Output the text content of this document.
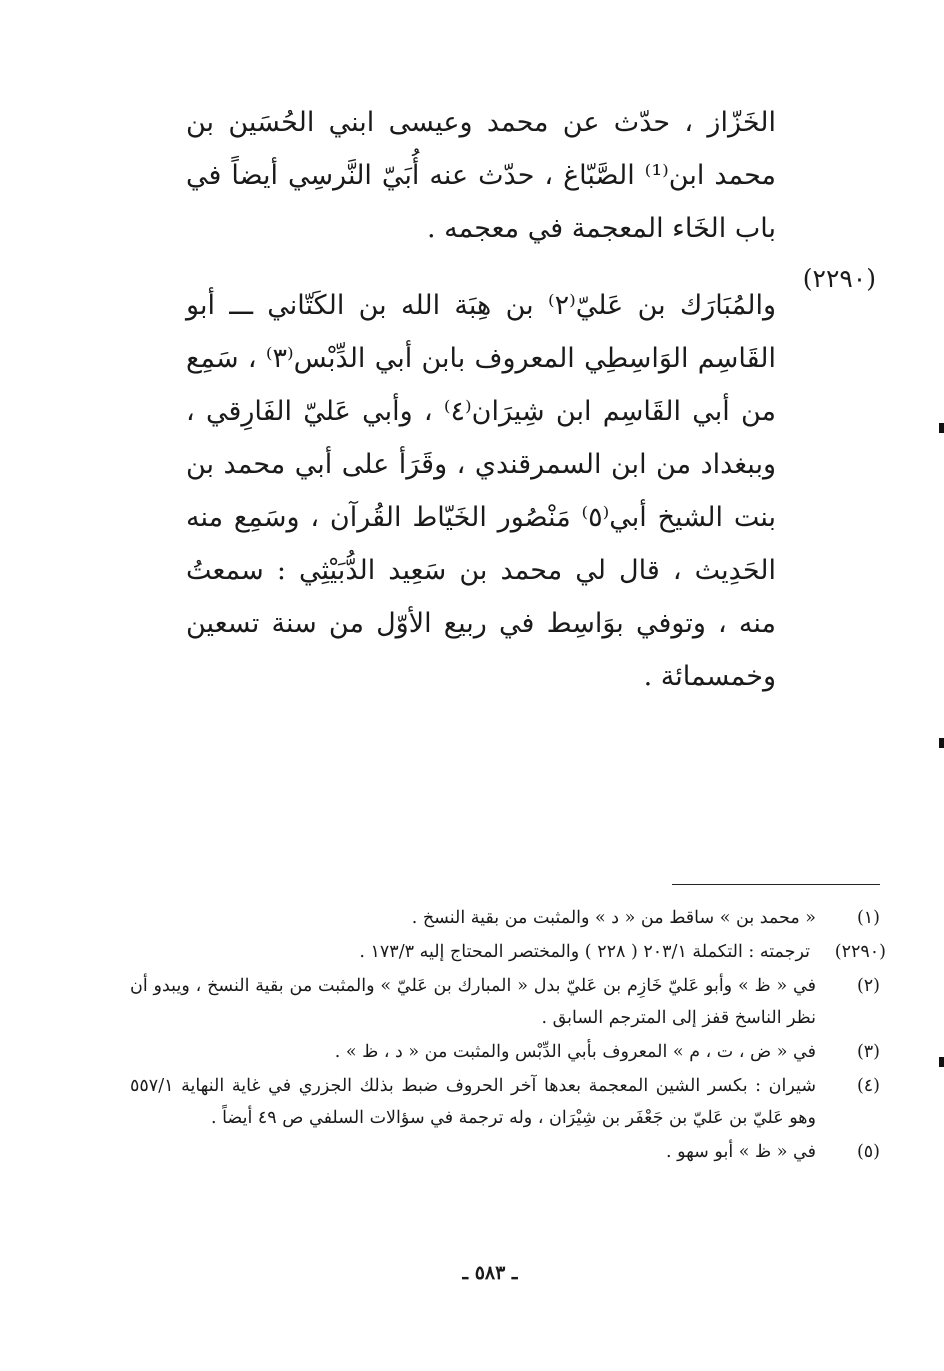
الخَزّاز ، حدّث عن محمد وعيسى ابني الحُسَين بن محمد ابن⁽¹⁾ الصَّبّاغ ، حدّث عنه أُبَيّ النَّرسِي أيضاً في باب الخَاء المعجمة في معجمه .

(٢٢٩٠)

والمُبَارَك بن عَليّ⁽٢⁾ بن هِبَة الله بن الكَتّاني ـــ أبو القَاسِم الوَاسِطِي المعروف بابن أبي الدِّبْس⁽٣⁾ ، سَمِع من أبي القَاسِم ابن شِيرَان⁽٤⁾ ، وأبي عَليّ الفَارِقي ، وببغداد من ابن السمرقندي ، وقَرَأ على أبي محمد بن بنت الشيخ أبي⁽٥⁾ مَنْصُور الخَيّاط القُرآن ، وسَمِع منه الحَدِيث ، قال لي محمد بن سَعِيد الدُّبَيْثِي : سمعتُ منه ، وتوفي بوَاسِط في ربيع الأوّل من سنة تسعين وخمسمائة .

(١)
« محمد بن » ساقط من « د » والمثبت من بقية النسخ .
(٢٢٩٠)
ترجمته : التكملة ٢٠٣/١ ( ٢٢٨ ) والمختصر المحتاج إليه ١٧٣/٣ .
(٢)
في « ظ » وأبو عَليّ خَازِم بن عَليّ بدل « المبارك بن عَليّ » والمثبت من بقية النسخ ، ويبدو أن نظر الناسخ قفز إلى المترجم السابق .
(٣)
في « ض ، ت ، م » المعروف بأبي الدِّبْس والمثبت من « د ، ظ » .
(٤)
شيران : بكسر الشين المعجمة بعدها آخر الحروف ضبط بذلك الجزري في غاية النهاية ٥٥٧/١ وهو عَليّ بن عَليّ بن جَعْفَر بن شِيْرَان ، وله ترجمة في سؤالات السلفي ص ٤٩ أيضاً .
(٥)
في « ظ » أبو سهو .
ـ ٥٨٣ ـ
